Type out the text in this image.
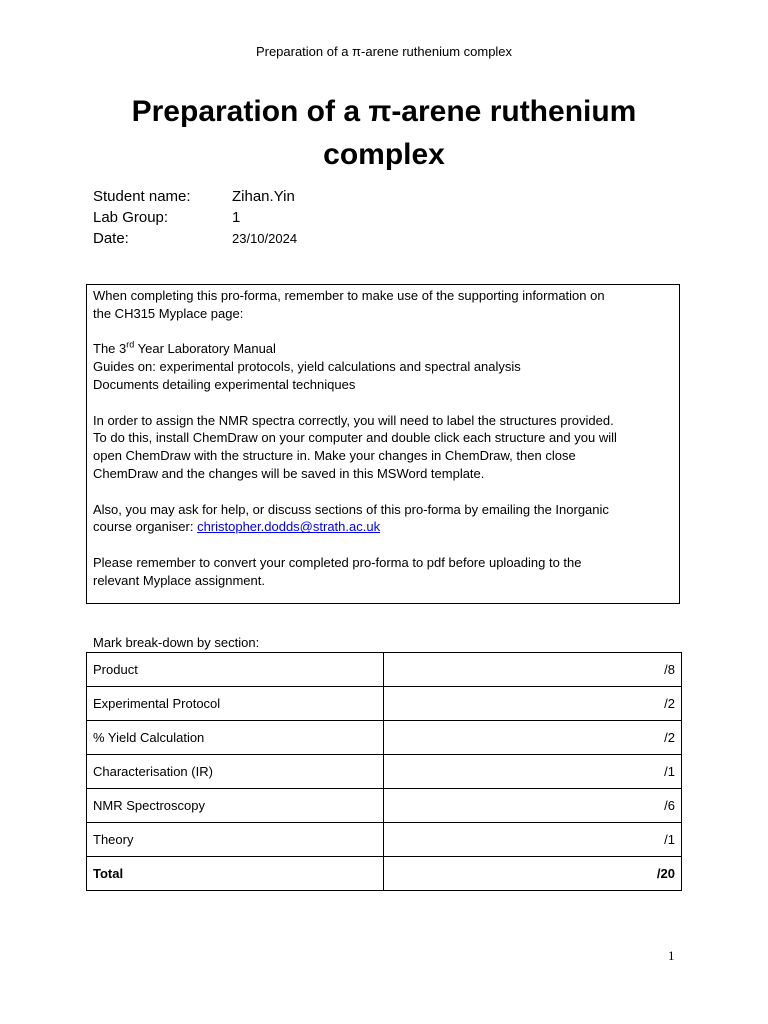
Preparation of a π-arene ruthenium complex
Preparation of a π-arene ruthenium
complex
Student name:	Zihan.Yin
Lab Group:	1
Date:	23/10/2024

When completing this pro-forma, remember to make use of the supporting information on
the CH315 Myplace page:

The 3rd Year Laboratory Manual
Guides on: experimental protocols, yield calculations and spectral analysis
Documents detailing experimental techniques

In order to assign the NMR spectra correctly, you will need to label the structures provided.
To do this, install ChemDraw on your computer and double click each structure and you will
open ChemDraw with the structure in. Make your changes in ChemDraw, then close
ChemDraw and the changes will be saved in this MSWord template.

Also, you may ask for help, or discuss sections of this pro-forma by emailing the Inorganic
course organiser: christopher.dodds@strath.ac.uk

Please remember to convert your completed pro-forma to pdf before uploading to the
relevant Myplace assignment.

Mark break-down by section:
Product	/8
Experimental Protocol	/2
% Yield Calculation	/2
Characterisation (IR)	/1
NMR Spectroscopy	/6
Theory	/1
Total	/20
1
